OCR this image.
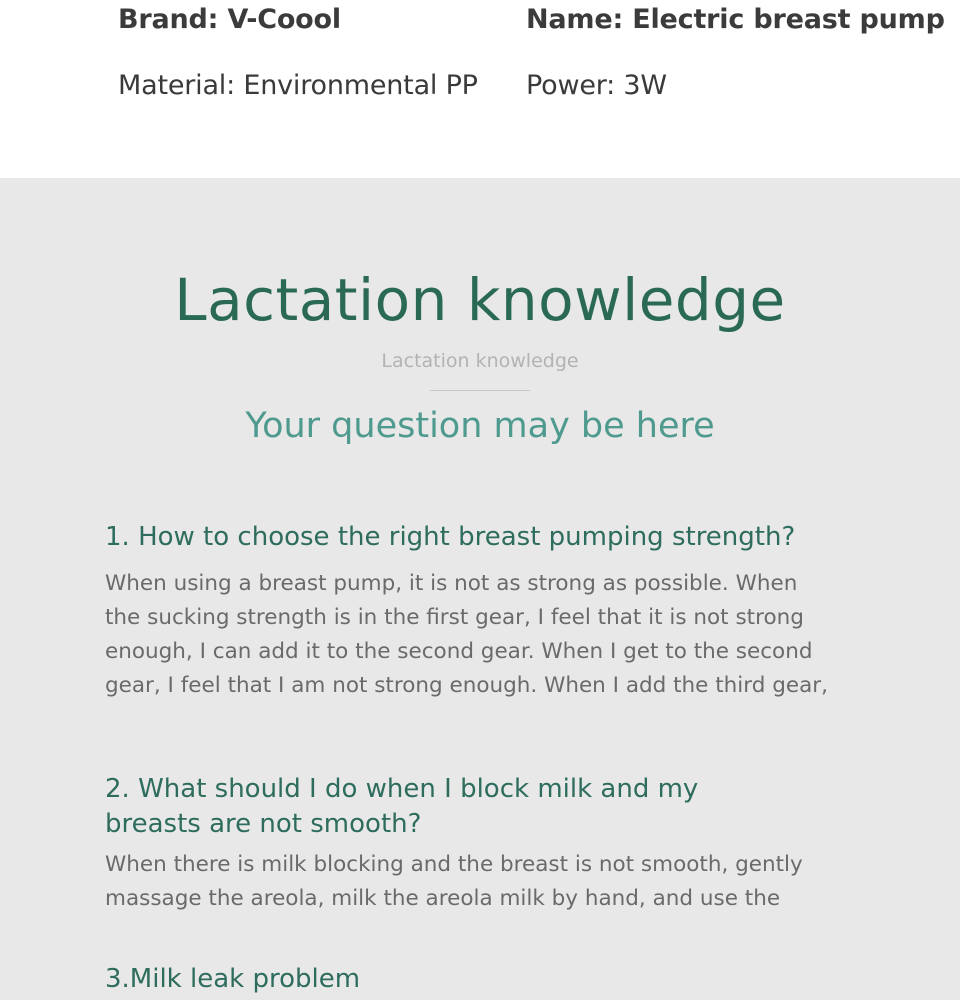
Brand: V-Coool	Name: Electric breast pump
Material: Environmental PP Power: 3W
Lactation knowledge
Lactation knowledge
Your question may be here
1. How to choose the right breast pumping strength?
When using a breast pump, it is not as strong as possible. When
the sucking strength is in the first gear, I feel that it is not strong
enough, I can add it to the second gear. When I get to the second
gear, I feel that I am not strong enough. When I add the third gear,
2. What should I do when I block milk and my
breasts are not smooth?
When there is milk blocking and the breast is not smooth, gently
massage the areola, milk the areola milk by hand, and use the
3.Milk leak problem
